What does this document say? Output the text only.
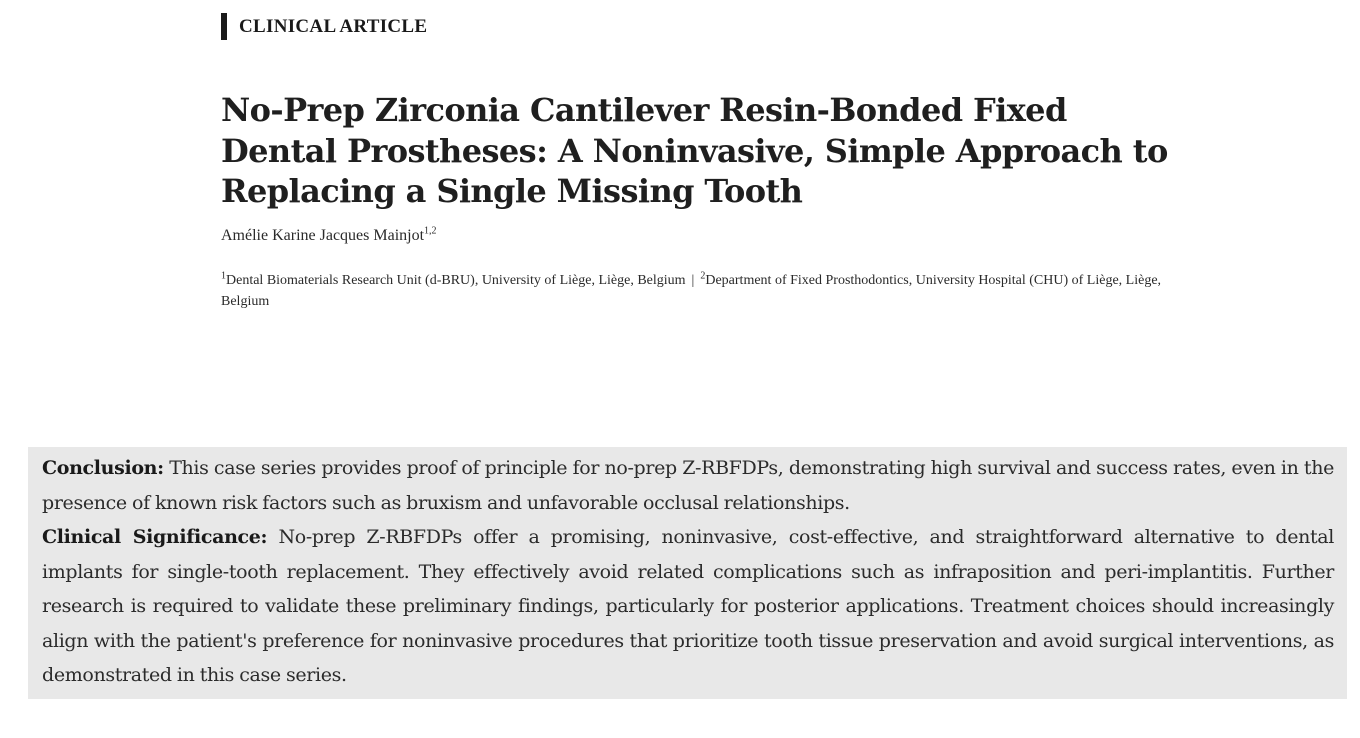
CLINICAL ARTICLE
No-Prep Zirconia Cantilever Resin-Bonded Fixed Dental Prostheses: A Noninvasive, Simple Approach to Replacing a Single Missing Tooth
Amélie Karine Jacques Mainjot$^{1,2}$
$^1$Dental Biomaterials Research Unit (d-BRU), University of Liège, Liège, Belgium | $^2$Department of Fixed Prosthodontics, University Hospital (CHU) of Liège, Liège, Belgium

Conclusion: This case series provides proof of principle for no-prep Z-RBFDPs, demonstrating high survival and success rates, even in the presence of known risk factors such as bruxism and unfavorable occlusal relationships.

Clinical Significance: No-prep Z-RBFDPs offer a promising, noninvasive, cost-effective, and straightforward alternative to dental implants for single-tooth replacement. They effectively avoid related complications such as infraposition and peri-implantitis. Further research is required to validate these preliminary findings, particularly for posterior applications. Treatment choices should increasingly align with the patient's preference for noninvasive procedures that prioritize tooth tissue preservation and avoid surgical interventions, as demonstrated in this case series.
